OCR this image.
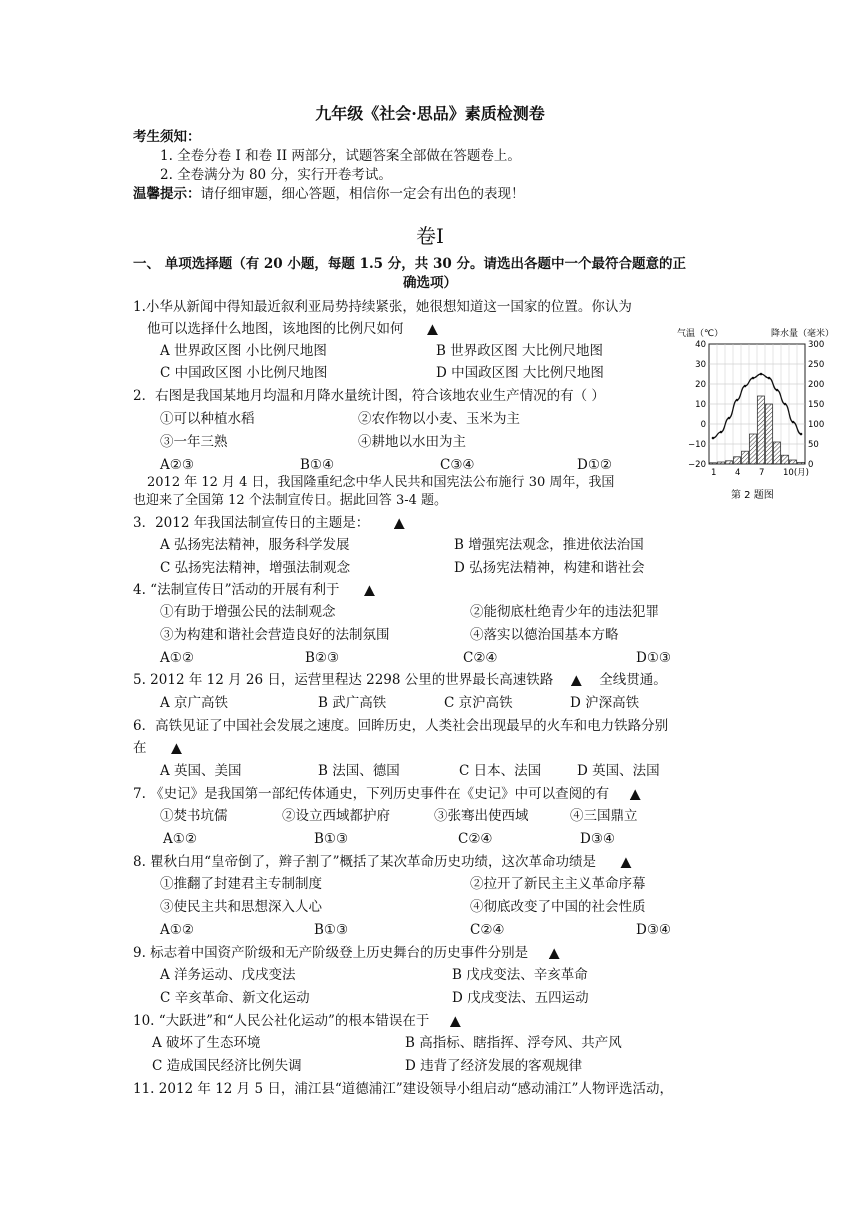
九年级《社会·思品》素质检测卷
考生须知：
1. 全卷分卷 I 和卷 II 两部分，试题答案全部做在答题卷上。
2. 全卷满分为 80 分，实行开卷考试。
温馨提示：请仔细审题，细心答题，相信你一定会有出色的表现！
卷Ⅰ
一、 单项选择题（有 20 小题，每题 1.5 分，共 30 分。请选出各题中一个最符合题意的正
确选项）
1.小华从新闻中得知最近叙利亚局势持续紧张，她很想知道这一国家的位置。你认为
他可以选择什么地图，该地图的比例尺如何 ▲
A 世界政区图 小比例尺地图	B 世界政区图 大比例尺地图
C 中国政区图 小比例尺地图	D 中国政区图 大比例尺地图
2．右图是我国某地月均温和月降水量统计图，符合该地农业生产情况的有（ ）
①可以种植水稻	②农作物以小麦、玉米为主
③一年三熟	④耕地以水田为主
A②③	B①④	C③④	D①②
2012 年 12 月 4 日，我国隆重纪念中华人民共和国宪法公布施行 30 周年，我国
也迎来了全国第 12 个法制宣传日。据此回答 3-4 题。
40
30
20
10
0
−10
−20
300
250
200
150
100
50
0
1 4 7 10(月)
气温（℃）	降水量（毫米）
第 2 题图
3．2012 年我国法制宣传日的主题是： ▲
A 弘扬宪法精神，服务科学发展	B 增强宪法观念，推进依法治国
C 弘扬宪法精神，增强法制观念	D 弘扬宪法精神，构建和谐社会
4. “法制宣传日”活动的开展有利于 ▲
①有助于增强公民的法制观念	②能彻底杜绝青少年的违法犯罪
③为构建和谐社会营造良好的法制氛围	④落实以德治国基本方略
A①②	B②③	C②④	D①③
5. 2012 年 12 月 26 日，运营里程达 2298 公里的世界最长高速铁路 ▲ 全线贯通。
A 京广高铁	B 武广高铁	C 京沪高铁	D 沪深高铁
6．高铁见证了中国社会发展之速度。回眸历史，人类社会出现最早的火车和电力铁路分别
在 ▲
A 英国、美国	B 法国、德国	C 日本、法国	D 英国、法国
7. 《史记》是我国第一部纪传体通史，下列历史事件在《史记》中可以查阅的有 ▲
①焚书坑儒	②设立西域都护府	③张骞出使西域	④三国鼎立
A①②	B①③	C②④	D③④
8. 瞿秋白用“皇帝倒了，辫子割了”概括了某次革命历史功绩，这次革命功绩是 ▲
①推翻了封建君主专制制度	②拉开了新民主主义革命序幕
③使民主共和思想深入人心	④彻底改变了中国的社会性质
A①②	B①③	C②④	D③④
9. 标志着中国资产阶级和无产阶级登上历史舞台的历史事件分别是 ▲
A 洋务运动、戊戌变法	B 戊戌变法、辛亥革命
C 辛亥革命、新文化运动	D 戊戌变法、五四运动
10. “大跃进”和“人民公社化运动”的根本错误在于 ▲
A 破坏了生态环境	B 高指标、瞎指挥、浮夸风、共产风
C 造成国民经济比例失调	D 违背了经济发展的客观规律
11. 2012 年 12 月 5 日，浦江县“道德浦江”建设领导小组启动“感动浦江”人物评选活动，
